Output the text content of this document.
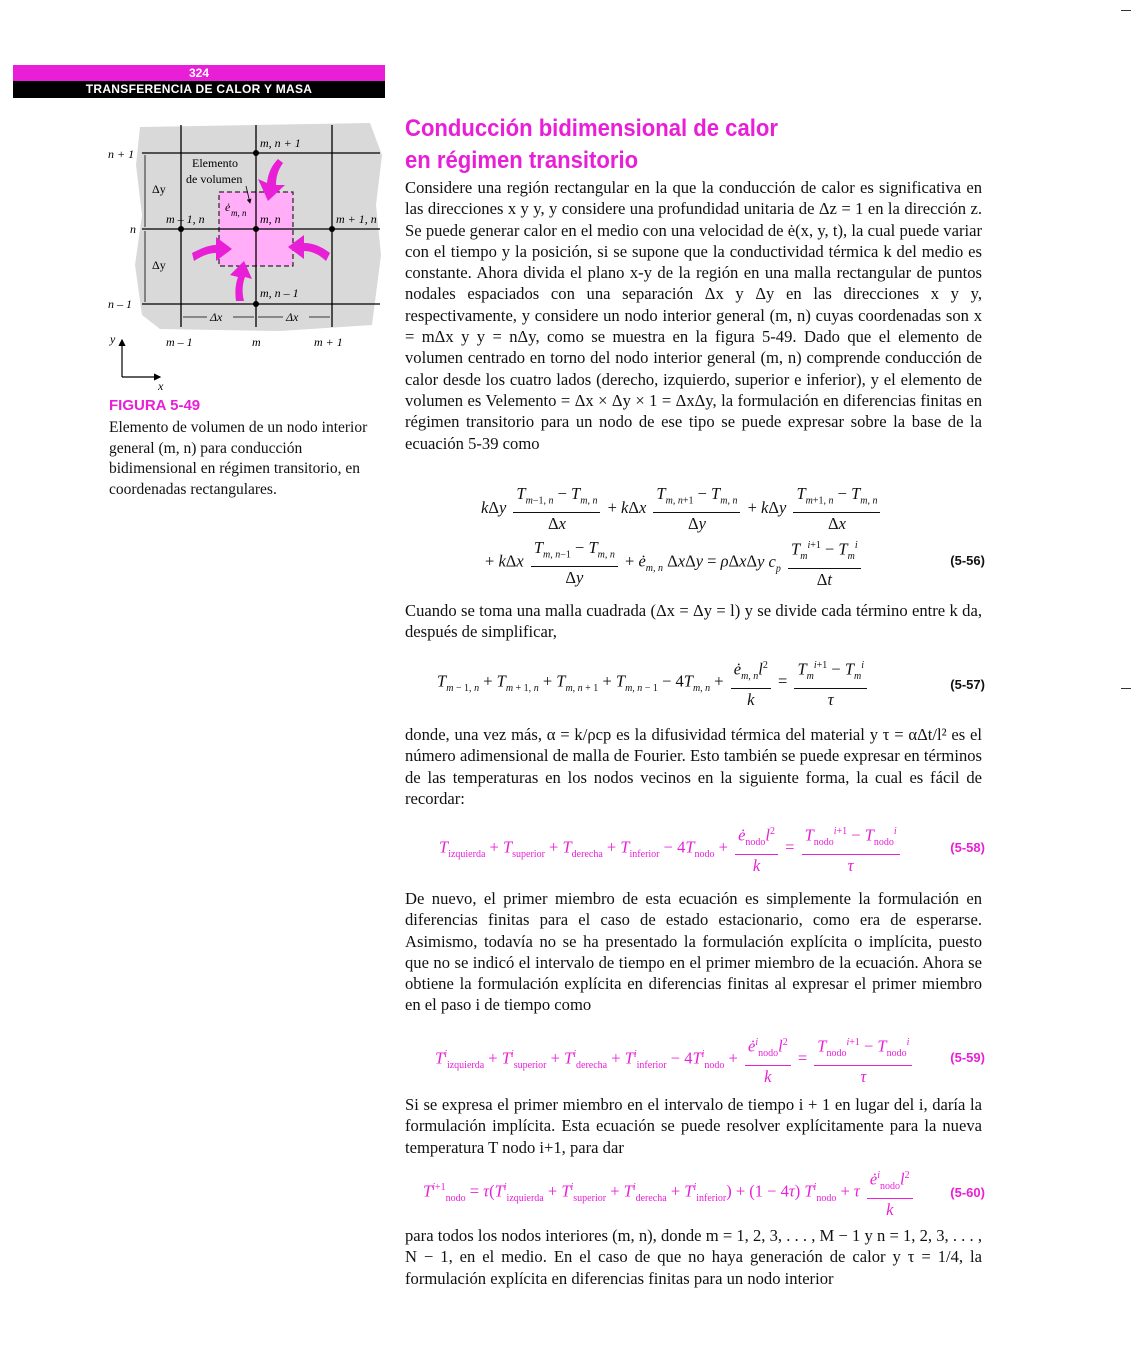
324
TRANSFERENCIA DE CALOR Y MASA
n + 1
n
n – 1
m – 1	m	m + 1
m, n + 1
m – 1, n	m, n	m + 1, n
m, n – 1
Elemento
de volumen
ė m, n
Δy
Δy
Δx	Δx
y
x
FIGURA 5-49
Elemento de volumen de un nodo interior general (m, n) para conducción bidimensional en régimen transitorio, en coordenadas rectangulares.
Conducción bidimensional de calor
en régimen transitorio
Considere una región rectangular en la que la conducción de calor es significativa en las direcciones x y y, y considere una profundidad unitaria de Δz = 1 en la dirección z. Se puede generar calor en el medio con una velocidad de ė(x, y, t), la cual puede variar con el tiempo y la posición, si se supone que la conductividad térmica k del medio es constante. Ahora divida el plano x-y de la región en una malla rectangular de puntos nodales espaciados con una separación Δx y Δy en las direcciones x y y, respectivamente, y considere un nodo interior general (m, n) cuyas coordenadas son x = mΔx y y = nΔy, como se muestra en la figura 5-49. Dado que el elemento de volumen centrado en torno del nodo interior general (m, n) comprende conducción de calor desde los cuatro lados (derecho, izquierdo, superior e inferior), y el elemento de volumen es Velemento = Δx × Δy × 1 = ΔxΔy, la formulación en diferencias finitas en régimen transitorio para un nodo de ese tipo se puede expresar sobre la base de la ecuación 5-39 como
kΔy $\frac{T_{m-1, n} - T_{m, n}}{\Delta x} + k\Delta x \frac{T_{m, n+1} - T_{m, n}}{\Delta y} + k\Delta y \frac{T_{m+1, n} - T_{m, n}}{\Delta x}$
+ kΔx $\frac{T_{m, n-1} - T_{m, n}}{\Delta y}$ + $ė_{m, n}$ ΔxΔy = ρΔxΔy $c_p \frac{T_m^{i+1} - T_m^i}{\Delta t}$	(5-56)
Cuando se toma una malla cuadrada (Δx = Δy = l) y se divide cada término entre k da, después de simplificar,
$T_{m - 1, n} + T_{m + 1, n} + T_{m, n + 1} + T_{m, n - 1} - 4T_{m, n} + \frac{ė_{m, n}l^2}{k} = \frac{T_m^{i+1} - T_m^i}{\tau}$	(5-57)
donde, una vez más, α = k/ρcp es la difusividad térmica del material y τ = αΔt/l² es el número adimensional de malla de Fourier. Esto también se puede expresar en términos de las temperaturas en los nodos vecinos en la siguiente forma, la cual es fácil de recordar:
$T_{izquierda} + T_{superior} + T_{derecha} + T_{inferior} - 4T_{nodo} + \frac{ė_{nodo}l^2}{k} = \frac{T_{nodo}^{i+1} - T_{nodo}^i}{\tau}$	(5-58)
De nuevo, el primer miembro de esta ecuación es simplemente la formulación en diferencias finitas para el caso de estado estacionario, como era de esperarse. Asimismo, todavía no se ha presentado la formulación explícita o implícita, puesto que no se indicó el intervalo de tiempo en el primer miembro de la ecuación. Ahora se obtiene la formulación explícita en diferencias finitas al expresar el primer miembro en el paso i de tiempo como
$T^i_{izquierda} + T^i_{superior} + T^i_{derecha} + T^i_{inferior} - 4T^i_{nodo} + \frac{ė^i_{nodo}l^2}{k} = \frac{T_{nodo}^{i+1} - T_{nodo}^i}{\tau}$	(5-59)
Si se expresa el primer miembro en el intervalo de tiempo i + 1 en lugar del i, daría la formulación implícita. Esta ecuación se puede resolver explícitamente para la nueva temperatura T nodo i+1, para dar
$T^{i+1}_{nodo} = \tau(T^i_{izquierda} + T^i_{superior} + T^i_{derecha} + T^i_{inferior}) + (1 - 4\tau) T^i_{nodo} + \tau \frac{ė^i_{nodo}l^2}{k}$	(5-60)
para todos los nodos interiores (m, n), donde m = 1, 2, 3, . . . , M − 1 y n = 1, 2, 3, . . . , N − 1, en el medio. En el caso de que no haya generación de calor y τ = 1/4, la formulación explícita en diferencias finitas para un nodo interior
